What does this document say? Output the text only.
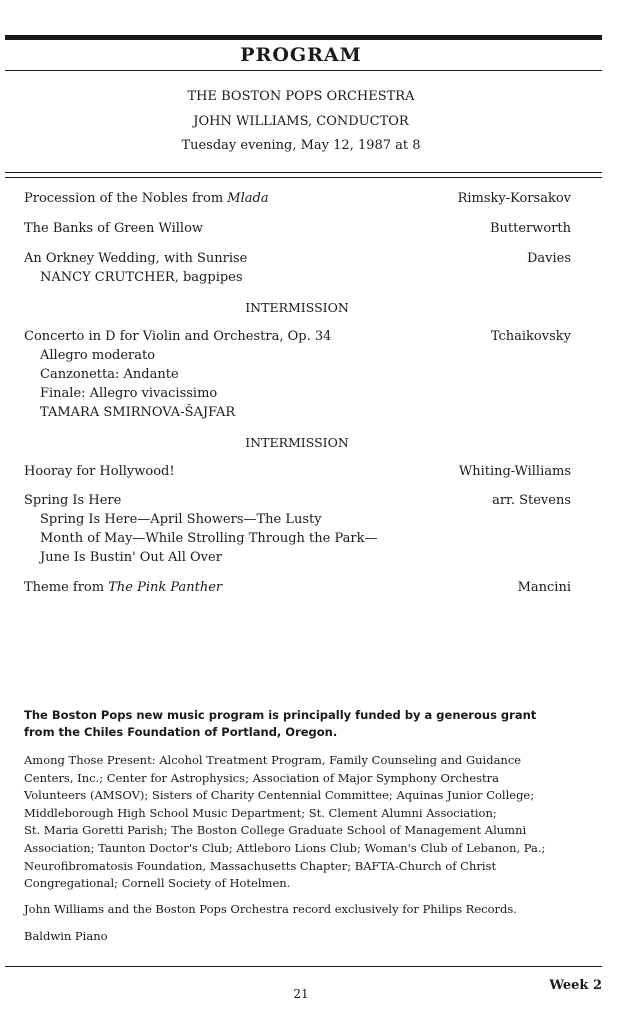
PROGRAM
THE BOSTON POPS ORCHESTRA
JOHN WILLIAMS, CONDUCTOR
Tuesday evening, May 12, 1987 at 8
Procession of the Nobles from Mlada	Rimsky-Korsakov
The Banks of Green Willow	Butterworth
An Orkney Wedding, with Sunrise	Davies
NANCY CRUTCHER, bagpipes
INTERMISSION
Concerto in D for Violin and Orchestra, Op. 34	Tchaikovsky
Allegro moderato
Canzonetta: Andante
Finale: Allegro vivacissimo
TAMARA SMIRNOVA-ŠAJFAR
INTERMISSION
Hooray for Hollywood!	Whiting-Williams
Spring Is Here	arr. Stevens
Spring Is Here—April Showers—The Lusty
Month of May—While Strolling Through the Park—
June Is Bustin' Out All Over
Theme from The Pink Panther	Mancini
The Boston Pops new music program is principally funded by a generous grant
from the Chiles Foundation of Portland, Oregon.
Among Those Present: Alcohol Treatment Program, Family Counseling and Guidance
Centers, Inc.; Center for Astrophysics; Association of Major Symphony Orchestra
Volunteers (AMSOV); Sisters of Charity Centennial Committee; Aquinas Junior College;
Middleborough High School Music Department; St. Clement Alumni Association;
St. Maria Goretti Parish; The Boston College Graduate School of Management Alumni
Association; Taunton Doctor's Club; Attleboro Lions Club; Woman's Club of Lebanon, Pa.;
Neurofibromatosis Foundation, Massachusetts Chapter; BAFTA-Church of Christ
Congregational; Cornell Society of Hotelmen.
John Williams and the Boston Pops Orchestra record exclusively for Philips Records.
Baldwin Piano
21
Week 2
